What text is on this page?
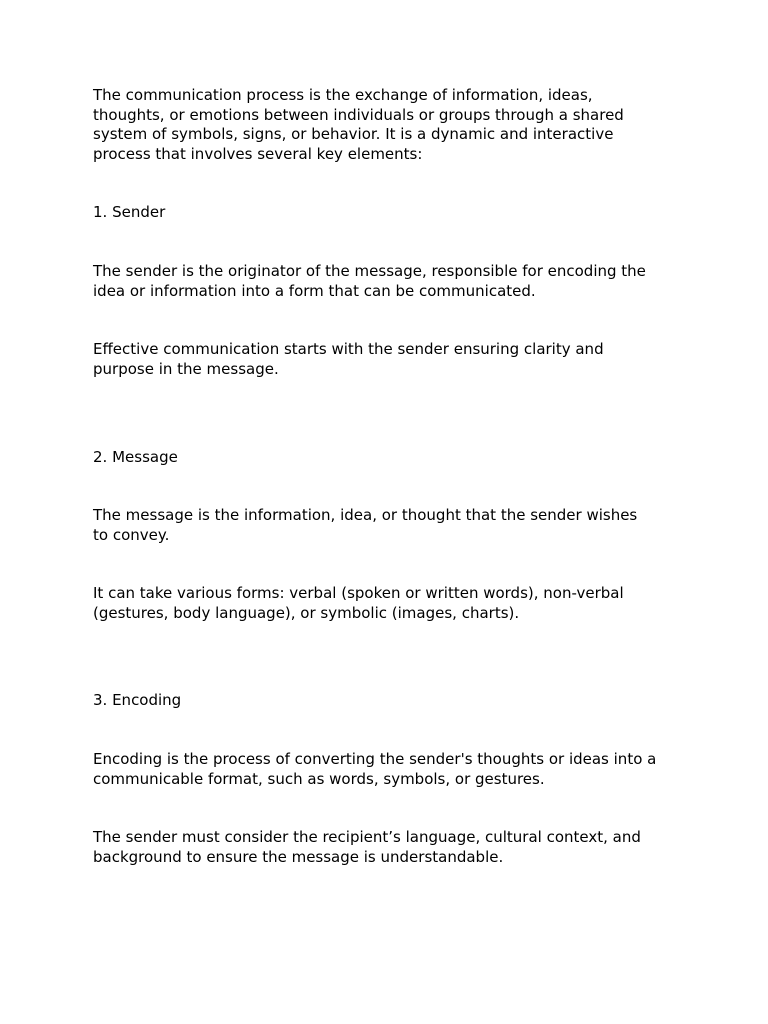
The communication process is the exchange of information, ideas,
thoughts, or emotions between individuals or groups through a shared
system of symbols, signs, or behavior. It is a dynamic and interactive
process that involves several key elements:

1. Sender

The sender is the originator of the message, responsible for encoding the
idea or information into a form that can be communicated.

Effective communication starts with the sender ensuring clarity and
purpose in the message.

2. Message

The message is the information, idea, or thought that the sender wishes
to convey.

It can take various forms: verbal (spoken or written words), non-verbal
(gestures, body language), or symbolic (images, charts).

3. Encoding

Encoding is the process of converting the sender's thoughts or ideas into a
communicable format, such as words, symbols, or gestures.

The sender must consider the recipient’s language, cultural context, and
background to ensure the message is understandable.
